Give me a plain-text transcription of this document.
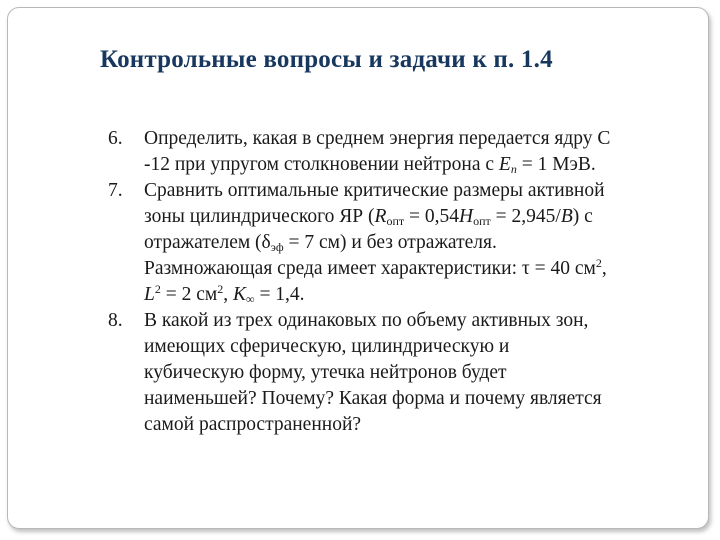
Контрольные вопросы и задачи к п. 1.4
6. Определить, какая в среднем энергия передается ядру С
-12 при упругом столкновении нейтрона с $E_n = 1$ МэВ.
7. Сравнить оптимальные критические размеры активной
зоны цилиндрического ЯР $(R_{опт} = 0,54H_{опт} = 2,945/B)$ с
отражателем ($\delta_{эф} = 7$ см) и без отражателя.
Размножающая среда имеет характеристики: τ = 40 $см^2$,
$L^2 = 2$ $см^2$, $K_\infty = 1,4$.
8. В какой из трех одинаковых по объему активных зон,
имеющих сферическую, цилиндрическую и
кубическую форму, утечка нейтронов будет
наименьшей? Почему? Какая форма и почему является
самой распространенной?
